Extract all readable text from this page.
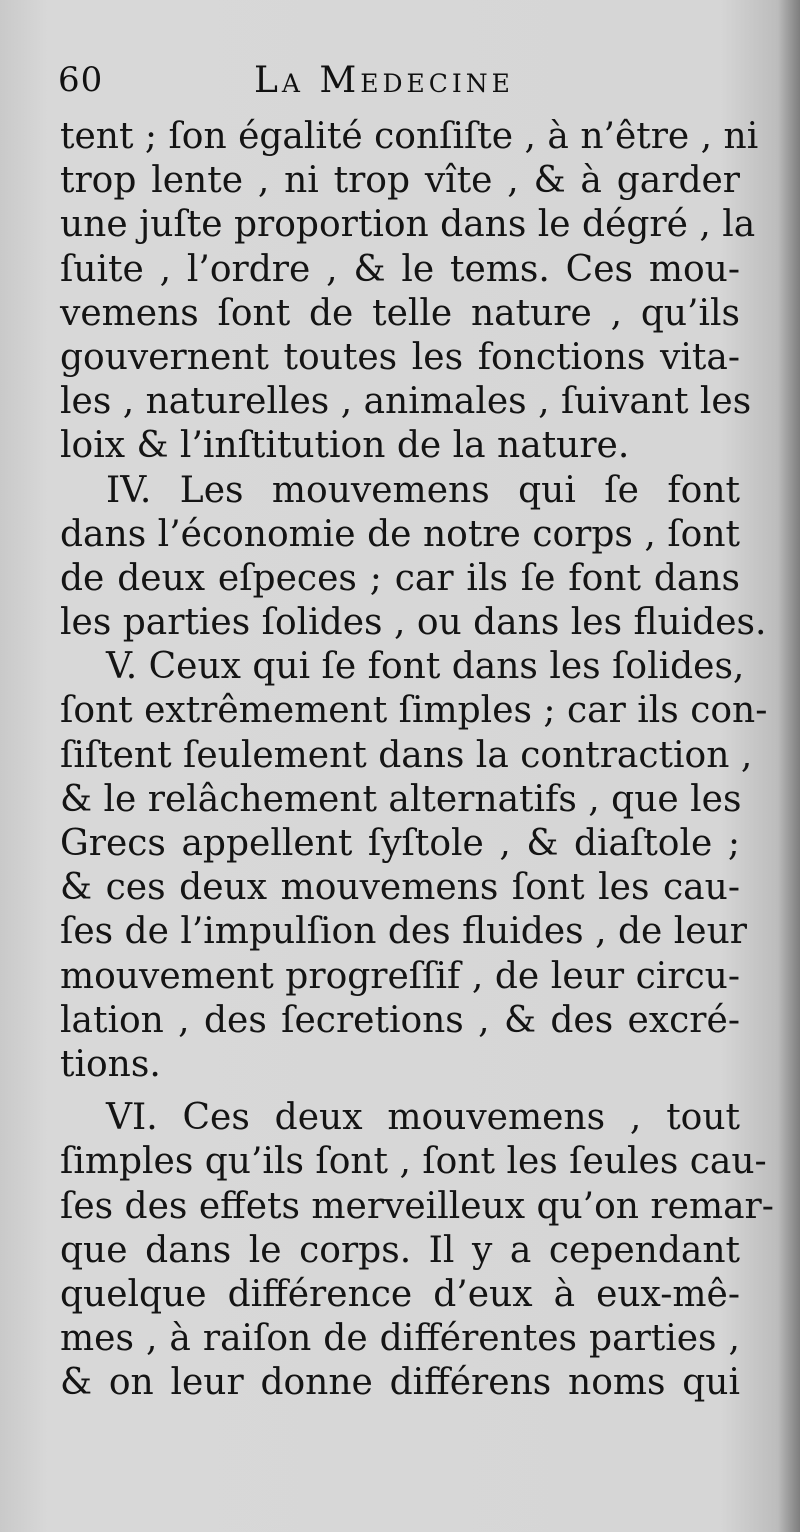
60	La Medecine
tent ; ſon égalité conſiſte , à n’être , ni
trop lente , ni trop vîte , & à garder
une juſte proportion dans le dégré , la
ſuite , l’ordre , & le tems. Ces mou-
vemens ſont de telle nature , qu’ils
gouvernent toutes les fonctions vita-
les , naturelles , animales , ſuivant les
loix & l’inſtitution de la nature.
IV. Les mouvemens qui ſe font
dans l’économie de notre corps , ſont
de deux eſpeces ; car ils ſe font dans
les parties ſolides , ou dans les fluides.
V. Ceux qui ſe font dans les ſolides,
ſont extrêmement ſimples ; car ils con-
ſiſtent ſeulement dans la contraction ,
& le relâchement alternatifs , que les
Grecs appellent ſyſtole , & diaſtole ;
& ces deux mouvemens ſont les cau-
ſes de l’impulſion des fluides , de leur
mouvement progreſſif , de leur circu-
lation , des ſecretions , & des excré-
tions.
VI. Ces deux mouvemens , tout
ſimples qu’ils ſont , ſont les ſeules cau-
ſes des effets merveilleux qu’on remar-
que dans le corps. Il y a cependant
quelque différence d’eux à eux-mê-
mes , à raiſon de différentes parties ,
& on leur donne différens noms qui
